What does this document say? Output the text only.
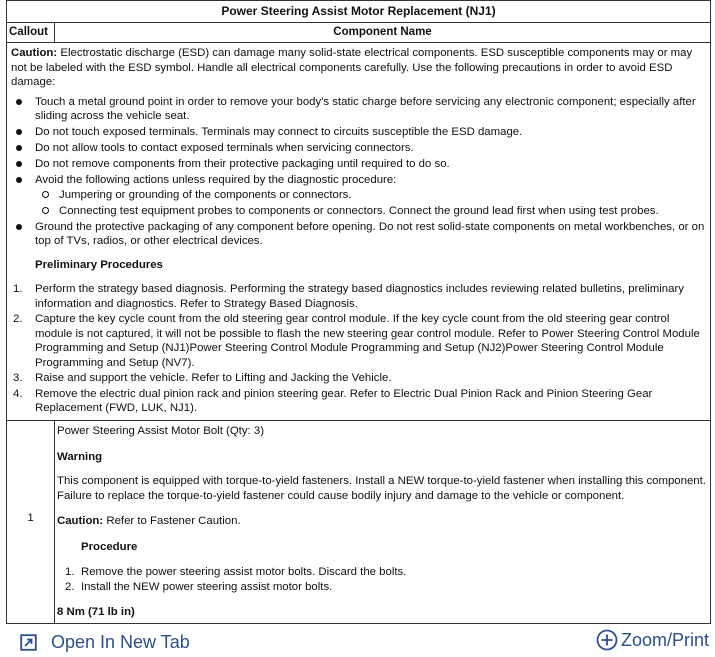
Power Steering Assist Motor Replacement (NJ1)
Callout	Component Name

Caution: Electrostatic discharge (ESD) can damage many solid-state electrical components. ESD susceptible components may or may not be labeled with the ESD symbol. Handle all electrical components carefully. Use the following precautions in order to avoid ESD damage:

Touch a metal ground point in order to remove your body's static charge before servicing any electronic component; especially after sliding across the vehicle seat.
Do not touch exposed terminals. Terminals may connect to circuits susceptible the ESD damage.
Do not allow tools to contact exposed terminals when servicing connectors.
Do not remove components from their protective packaging until required to do so.
Avoid the following actions unless required by the diagnostic procedure:
Jumpering or grounding of the components or connectors.
Connecting test equipment probes to components or connectors. Connect the ground lead first when using test probes.
Ground the protective packaging of any component before opening. Do not rest solid-state components on metal workbenches, or on top of TVs, radios, or other electrical devices.
Preliminary Procedures
1. Perform the strategy based diagnosis. Performing the strategy based diagnostics includes reviewing related bulletins, preliminary information and diagnostics. Refer to Strategy Based Diagnosis.
2. Capture the key cycle count from the old steering gear control module. If the key cycle count from the old steering gear control module is not captured, it will not be possible to flash the new steering gear control module. Refer to Power Steering Control Module Programming and Setup (NJ1)Power Steering Control Module Programming and Setup (NJ2)Power Steering Control Module Programming and Setup (NV7).
3. Raise and support the vehicle. Refer to Lifting and Jacking the Vehicle.
4. Remove the electric dual pinion rack and pinion steering gear. Refer to Electric Dual Pinion Rack and Pinion Steering Gear Replacement (FWD, LUK, NJ1).
1

Power Steering Assist Motor Bolt (Qty: 3)

Warning

This component is equipped with torque-to-yield fasteners. Install a NEW torque-to-yield fastener when installing this component. Failure to replace the torque-to-yield fastener could cause bodily injury and damage to the vehicle or component.

Caution: Refer to Fastener Caution.

Procedure

1. Remove the power steering assist motor bolts. Discard the bolts.
2. Install the NEW power steering assist motor bolts.

8 Nm (71 lb in)

Open In New Tab	Zoom/Print
